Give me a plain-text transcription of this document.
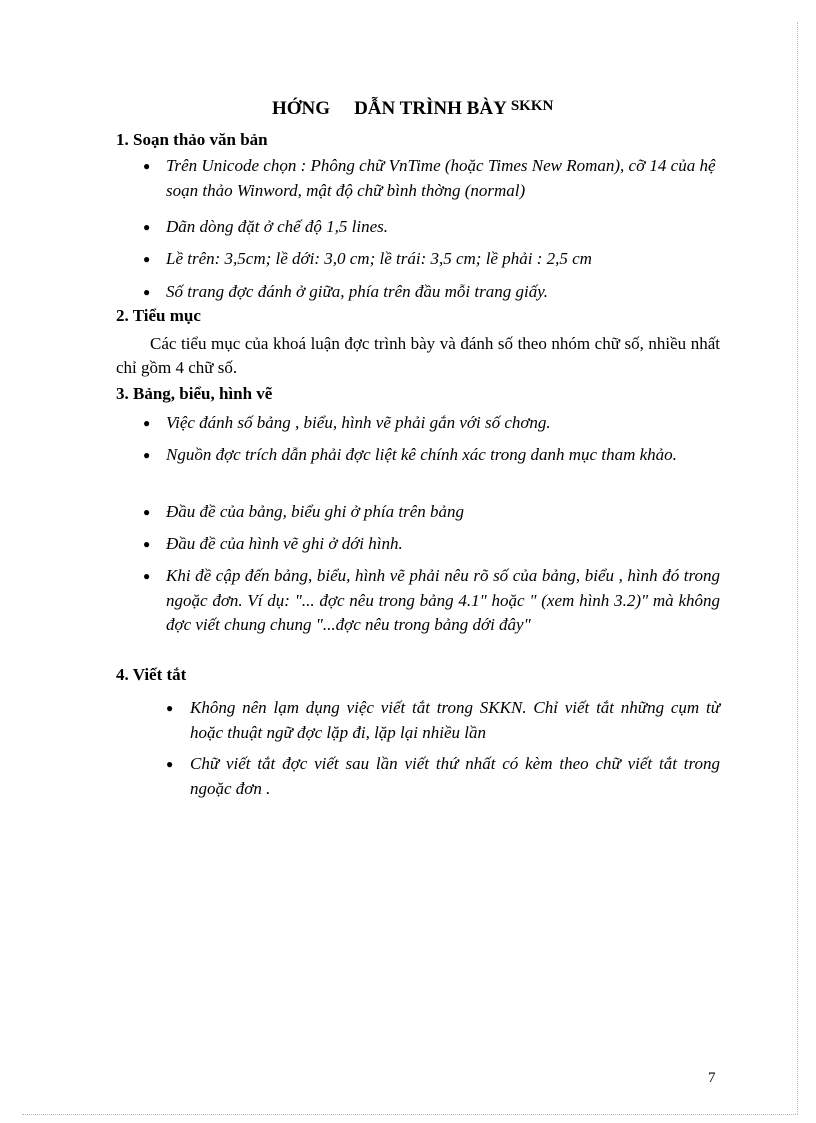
HỚNG DẪN TRÌNH BÀY $^{SKKN}$
1. Soạn thảo văn bản
● Trên Unicode chọn : Phông chữ VnTime (hoặc Times New Roman), cỡ 14 của hệ soạn thảo Winword, mật độ chữ bình thờng (normal)
● Dãn dòng đặt ở chế độ 1,5 lines.
● Lề trên: 3,5cm; lề dới: 3,0 cm; lề trái: 3,5 cm; lề phải : 2,5 cm
● Số trang đợc đánh ở giữa, phía trên đầu mỗi trang giấy.
2. Tiểu mục
Các tiểu mục của khoá luận đợc trình bày và đánh số theo nhóm chữ số, nhiều nhất chỉ gồm 4 chữ số.
3. Bảng, biểu, hình vẽ
● Việc đánh số bảng , biểu, hình vẽ phải gắn với số chơng.
● Nguồn đợc trích dẫn phải đợc liệt kê chính xác trong danh mục tham khảo.
● Đầu đề của bảng, biểu ghi ở phía trên bảng
● Đầu đề của hình vẽ ghi ở dới hình.
● Khi đề cập đến bảng, biểu, hình vẽ phải nêu rõ số của bảng, biểu , hình đó trong ngoặc đơn. Ví dụ: "... đợc nêu trong bảng 4.1" hoặc " (xem hình 3.2)" mà không đợc viết chung chung "...đợc nêu trong bảng dới đây"
4. Viết tắt
● Không nên lạm dụng việc viết tắt trong SKKN. Chỉ viết tắt những cụm từ hoặc thuật ngữ đợc lặp đi, lặp lại nhiều lần
● Chữ viết tắt đợc viết sau lần viết thứ nhất có kèm theo chữ viết tắt trong ngoặc đơn .
7
